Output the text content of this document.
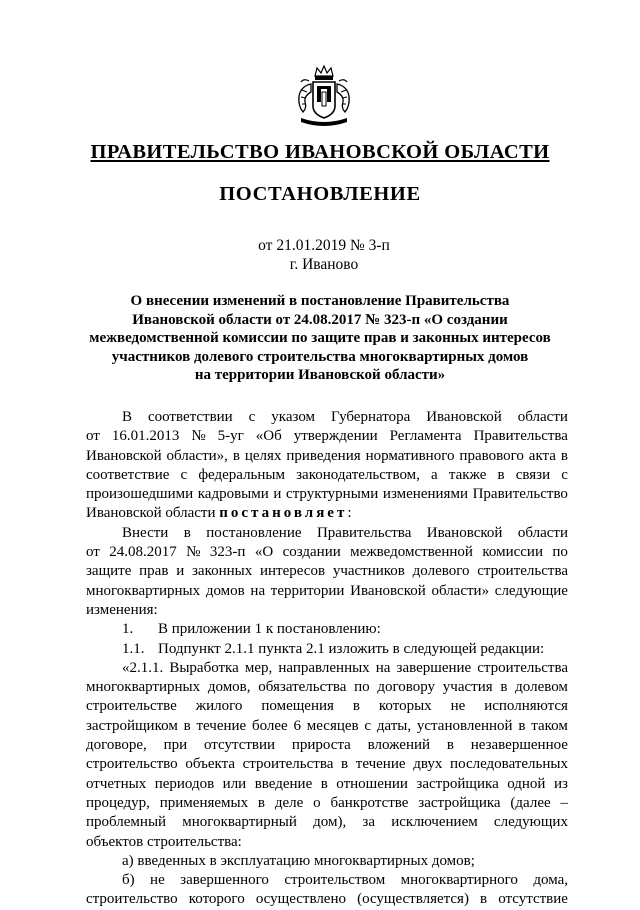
ПРАВИТЕЛЬСТВО ИВАНОВСКОЙ ОБЛАСТИ
ПОСТАНОВЛЕНИЕ
от 21.01.2019 № 3-п
г. Иваново
О внесении изменений в постановление Правительства
Ивановской области от 24.08.2017 № 323-п «О создании
межведомственной комиссии по защите прав и законных интересов
участников долевого строительства многоквартирных домов
на территории Ивановской области»
В соответствии с указом Губернатора Ивановской области
от 16.01.2013 № 5-уг «Об утверждении Регламента Правительства
Ивановской области», в целях приведения нормативного правового акта в
соответствие с федеральным законодательством, а также в связи с
произошедшими кадровыми и структурными изменениями Правительство
Ивановской области постановляет :
Внести в постановление Правительства Ивановской области
от 24.08.2017 № 323-п «О создании межведомственной комиссии по
защите прав и законных интересов участников долевого строительства
многоквартирных домов на территории Ивановской области» следующие
изменения:
1.	В приложении 1 к постановлению:
1.1. Подпункт 2.1.1 пункта 2.1 изложить в следующей редакции:
«2.1.1. Выработка мер, направленных на завершение строительства
многоквартирных домов, обязательства по договору участия в долевом
строительстве жилого помещения в которых не исполняются
застройщиком в течение более 6 месяцев с даты, установленной в таком
договоре, при отсутствии прироста вложений в незавершенное
строительство объекта строительства в течение двух последовательных
отчетных периодов или введение в отношении застройщика одной из
процедур, применяемых в деле о банкротстве застройщика (далее –
проблемный многоквартирный дом), за исключением следующих
объектов строительства:
а) введенных в эксплуатацию многоквартирных домов;
б) не завершенного строительством многоквартирного дома,
строительство которого осуществлено (осуществляется) в отсутствие
